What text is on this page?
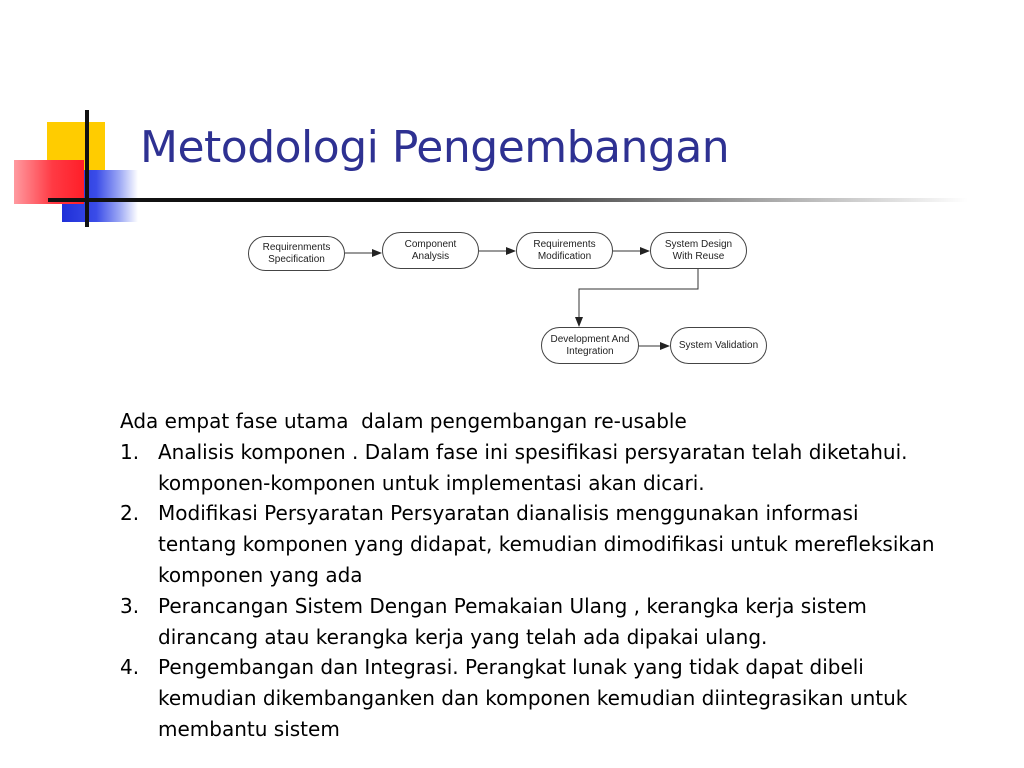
Metodologi Pengembangan
Requirenments
Specification
Component
Analysis
Requirements
Modification
System Design
With Reuse
Development And
Integration
System Validation

Ada empat fase utama  dalam pengembangan re-usable

1. Analisis komponen . Dalam fase ini spesifikasi persyaratan telah diketahui. komponen-komponen untuk implementasi akan dicari.
2. Modifikasi Persyaratan Persyaratan dianalisis menggunakan informasi   tentang komponen yang didapat, kemudian dimodifikasi untuk merefleksikan komponen yang ada
3. Perancangan Sistem Dengan Pemakaian Ulang , kerangka kerja sistem dirancang atau kerangka kerja yang telah ada dipakai ulang.
4. Pengembangan dan Integrasi. Perangkat lunak yang tidak dapat dibeli kemudian dikembanganken dan komponen kemudian diintegrasikan untuk membantu sistem
